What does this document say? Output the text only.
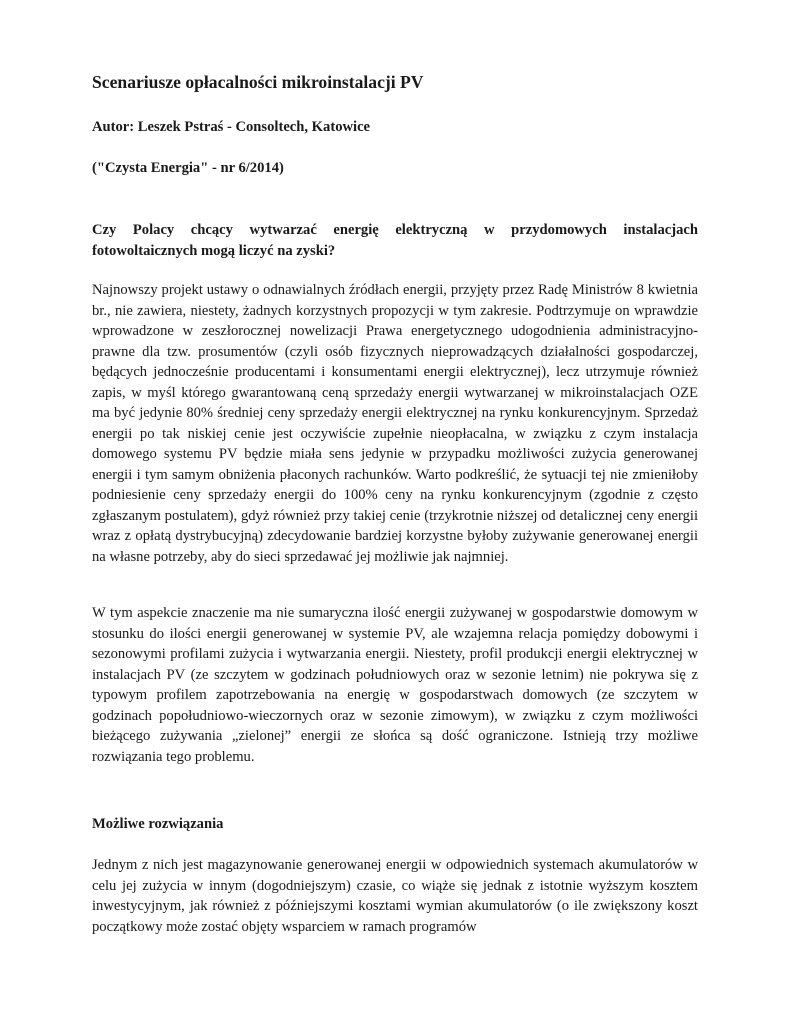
Scenariusze opłacalności mikroinstalacji PV

Autor: Leszek Pstraś - Consoltech, Katowice

("Czysta Energia" - nr 6/2014)

Czy Polacy chcący wytwarzać energię elektryczną w przydomowych instalacjach fotowoltaicznych mogą liczyć na zyski?

Najnowszy projekt ustawy o odnawialnych źródłach energii, przyjęty przez Radę Ministrów 8 kwietnia br., nie zawiera, niestety, żadnych korzystnych propozycji w tym zakresie. Podtrzymuje on wprawdzie wprowadzone w zeszłorocznej nowelizacji Prawa energetycznego udogodnienia administracyjno-prawne dla tzw. prosumentów (czyli osób fizycznych nieprowadzących działalności gospodarczej, będących jednocześnie producentami i konsumentami energii elektrycznej), lecz utrzymuje również zapis, w myśl którego gwarantowaną ceną sprzedaży energii wytwarzanej w mikroinstalacjach OZE ma być jedynie 80% średniej ceny sprzedaży energii elektrycznej na rynku konkurencyjnym. Sprzedaż energii po tak niskiej cenie jest oczywiście zupełnie nieopłacalna, w związku z czym instalacja domowego systemu PV będzie miała sens jedynie w przypadku możliwości zużycia generowanej energii i tym samym obniżenia płaconych rachunków. Warto podkreślić, że sytuacji tej nie zmieniłoby podniesienie ceny sprzedaży energii do 100% ceny na rynku konkurencyjnym (zgodnie z często zgłaszanym postulatem), gdyż również przy takiej cenie (trzykrotnie niższej od detalicznej ceny energii wraz z opłatą dystrybucyjną) zdecydowanie bardziej korzystne byłoby zużywanie generowanej energii na własne potrzeby, aby do sieci sprzedawać jej możliwie jak najmniej.

W tym aspekcie znaczenie ma nie sumaryczna ilość energii zużywanej w gospodarstwie domowym w stosunku do ilości energii generowanej w systemie PV, ale wzajemna relacja pomiędzy dobowymi i sezonowymi profilami zużycia i wytwarzania energii. Niestety, profil produkcji energii elektrycznej w instalacjach PV (ze szczytem w godzinach południowych oraz w sezonie letnim) nie pokrywa się z typowym profilem zapotrzebowania na energię w gospodarstwach domowych (ze szczytem w godzinach popołudniowo-wieczornych oraz w sezonie zimowym), w związku z czym możliwości bieżącego zużywania „zielonej” energii ze słońca są dość ograniczone. Istnieją trzy możliwe rozwiązania tego problemu.

Możliwe rozwiązania

Jednym z nich jest magazynowanie generowanej energii w odpowiednich systemach akumulatorów w celu jej zużycia w innym (dogodniejszym) czasie, co wiąże się jednak z istotnie wyższym kosztem inwestycyjnym, jak również z późniejszymi kosztami wymian akumulatorów (o ile zwiększony koszt początkowy może zostać objęty wsparciem w ramach programów
